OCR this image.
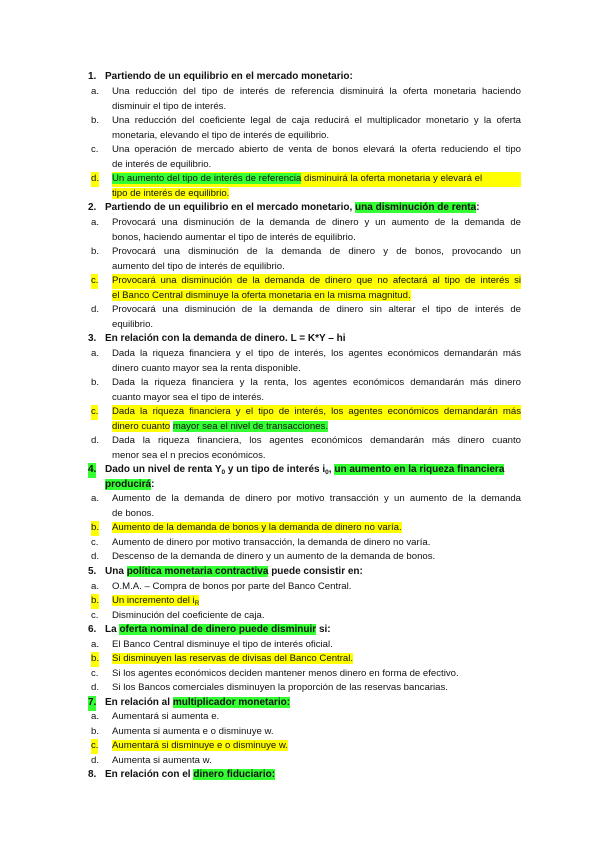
1. Partiendo de un equilibrio en el mercado monetario:
a. Una reducción del tipo de interés de referencia disminuirá la oferta monetaria haciendo
disminuir el tipo de interés.
b. Una reducción del coeficiente legal de caja reducirá el multiplicador monetario y la oferta
monetaria, elevando el tipo de interés de equilibrio.
c. Una operación de mercado abierto de venta de bonos elevará la oferta reduciendo el tipo
de interés de equilibrio.
d. Un aumento del tipo de interés de referencia disminuirá la oferta monetaria y elevará el
tipo de interés de equilibrio.
2. Partiendo de un equilibrio en el mercado monetario, una disminución de renta:
a. Provocará una disminución de la demanda de dinero y un aumento de la demanda de
bonos, haciendo aumentar el tipo de interés de equilibrio.
b. Provocará una disminución de la demanda de dinero y de bonos, provocando un
aumento del tipo de interés de equilibrio.
c. Provocará una disminución de la demanda de dinero que no afectará al tipo de interés si
el Banco Central disminuye la oferta monetaria en la misma magnitud.
d. Provocará una disminución de la demanda de dinero sin alterar el tipo de interés de
equilibrio.
3. En relación con la demanda de dinero. L = K*Y – hi
a. Dada la riqueza financiera y el tipo de interés, los agentes económicos demandarán más
dinero cuanto mayor sea la renta disponible.
b. Dada la riqueza financiera y la renta, los agentes económicos demandarán más dinero
cuanto mayor sea el tipo de interés.
c. Dada la riqueza financiera y el tipo de interés, los agentes económicos demandarán más
dinero cuanto mayor sea el nivel de transacciones.
d. Dada la riqueza financiera, los agentes económicos demandarán más dinero cuanto
menor sea el n precios económicos.
4. Dado un nivel de renta $Y_0$ y un tipo de interés $i_0$, un aumento en la riqueza financiera
producirá:
a. Aumento de la demanda de dinero por motivo transacción y un aumento de la demanda
de bonos.
b. Aumento de la demanda de bonos y la demanda de dinero no varía.
c. Aumento de dinero por motivo transacción, la demanda de dinero no varía.
d. Descenso de la demanda de dinero y un aumento de la demanda de bonos.
5. Una política monetaria contractiva puede consistir en:
a. O.M.A. – Compra de bonos por parte del Banco Central.
b. Un incremento del $i_R$
c. Disminución del coeficiente de caja.
6. La oferta nominal de dinero puede disminuir si:
a. El Banco Central disminuye el tipo de interés oficial.
b. Si disminuyen las reservas de divisas del Banco Central.
c. Si los agentes económicos deciden mantener menos dinero en forma de efectivo.
d. Si los Bancos comerciales disminuyen la proporción de las reservas bancarias.
7. En relación al multiplicador monetario:
a. Aumentará si aumenta e.
b. Aumenta si aumenta e o disminuye w.
c. Aumentará si disminuye e o disminuye w.
d. Aumenta si aumenta w.
8. En relación con el dinero fiduciario:
